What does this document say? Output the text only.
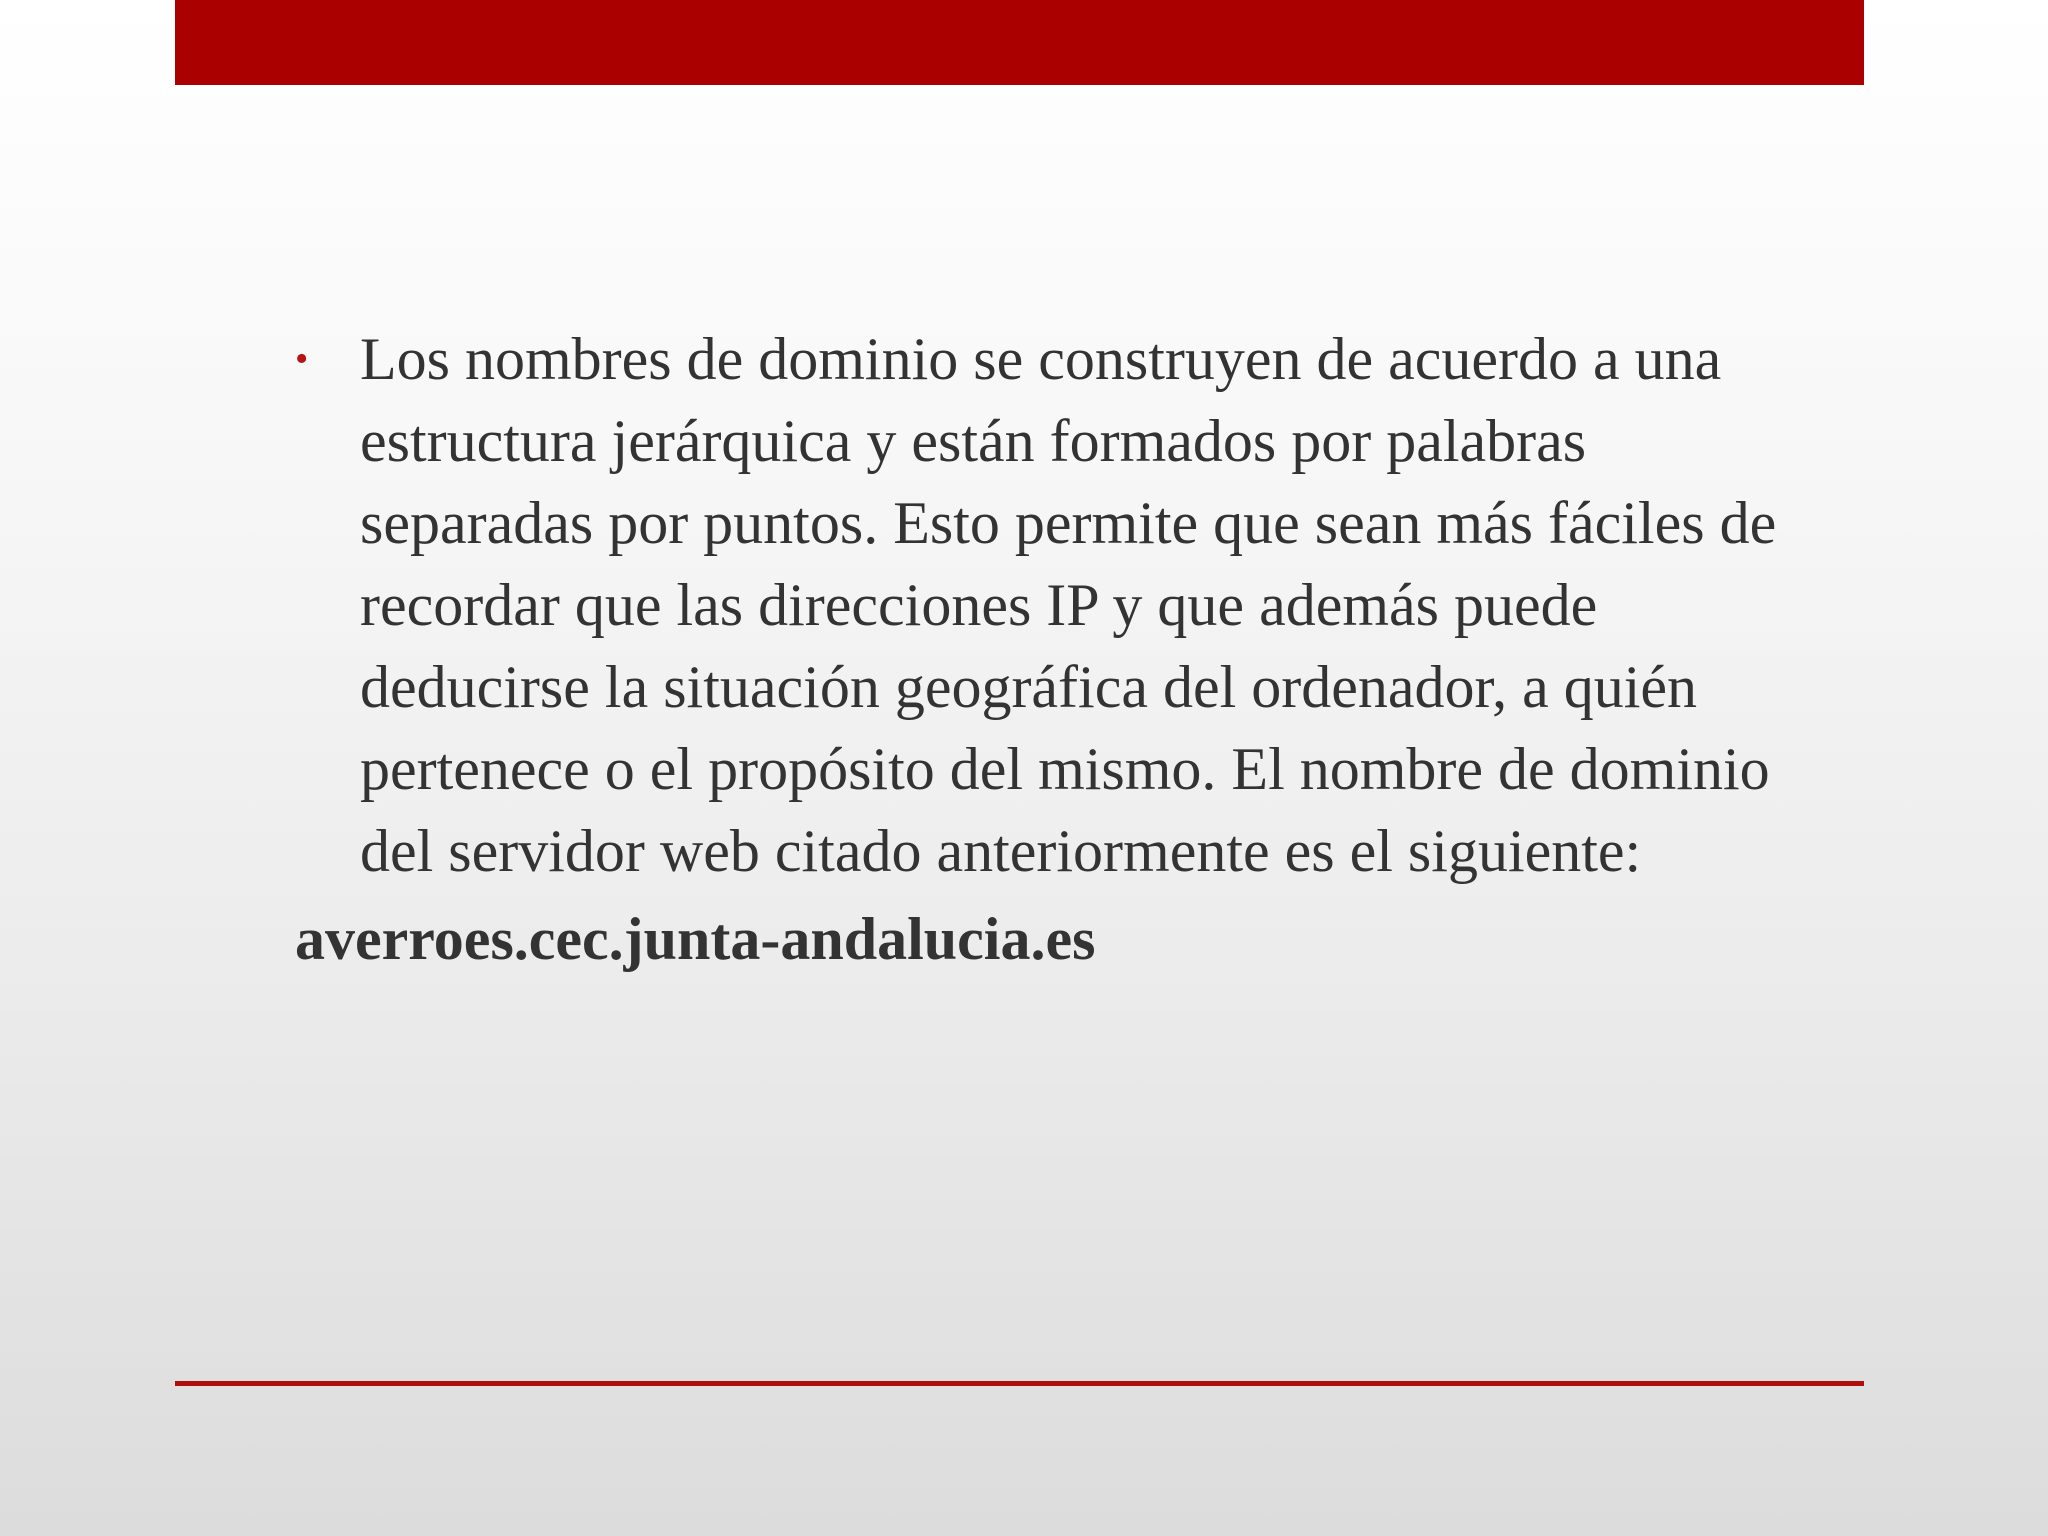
• Los nombres de dominio se construyen de acuerdo a una estructura jerárquica y están formados por palabras separadas por puntos. Esto permite que sean más fáciles de recordar que las direcciones IP y que además puede deducirse la situación geográfica del ordenador, a quién pertenece o el propósito del mismo. El nombre de dominio del servidor web citado anteriormente es el siguiente:
averroes.cec.junta-andalucia.es
